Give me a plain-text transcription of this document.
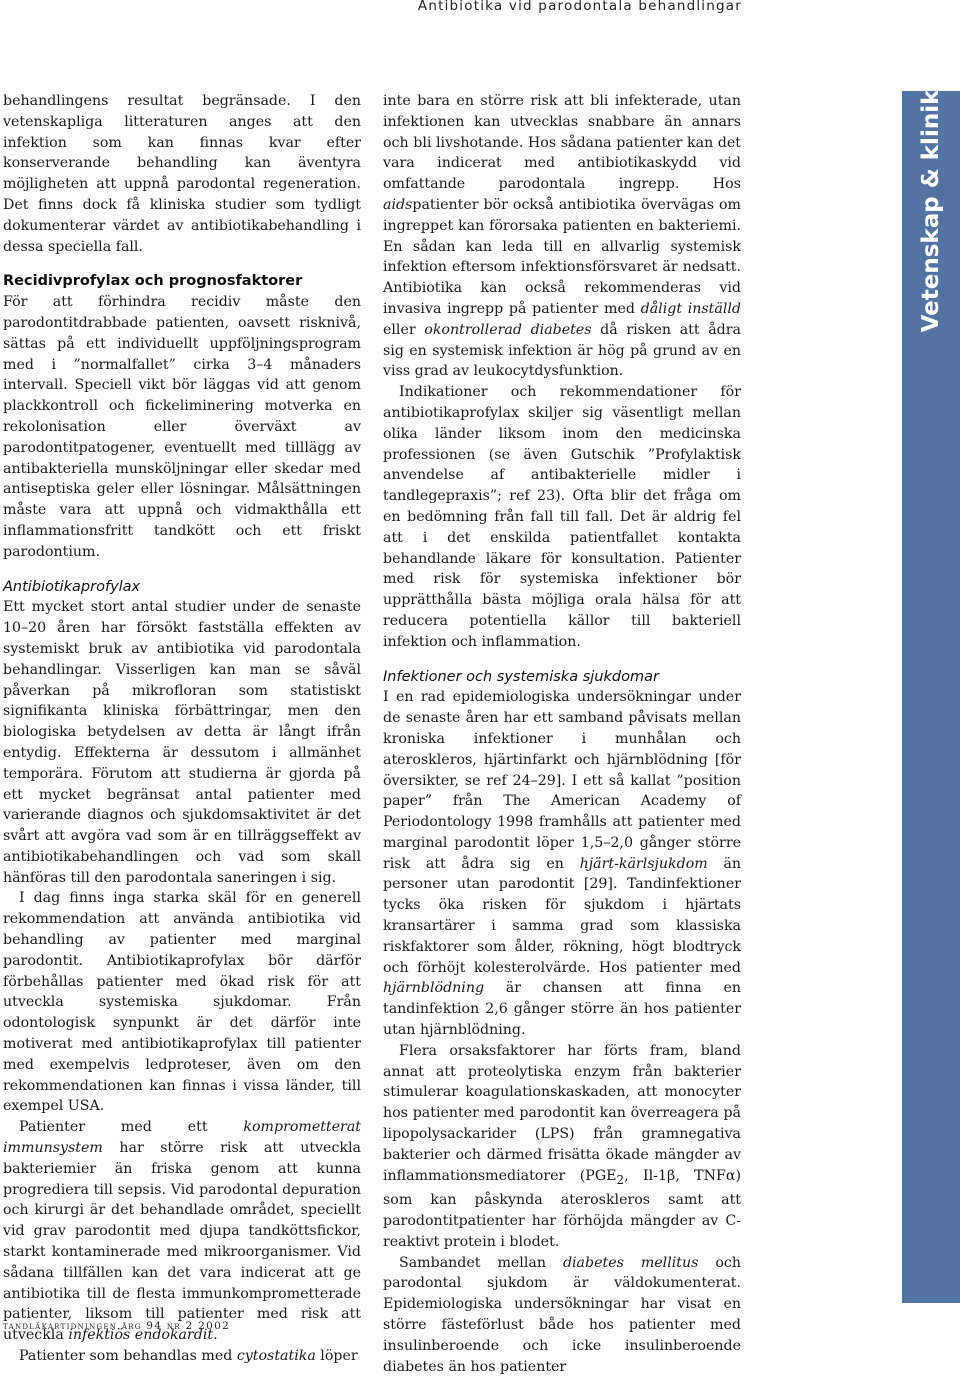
Antibiotika vid parodontala behandlingar
Vetenskap & klinik

behandlingens resultat begränsade. I den vetenskapliga litteraturen anges att den infektion som kan finnas kvar efter konserverande behandling kan äventyra möjligheten att uppnå parodontal regeneration. Det finns dock få kliniska studier som tydligt dokumenterar värdet av antibiotikabehandling i dessa speciella fall.

Recidivprofylax och prognosfaktorer

För att förhindra recidiv måste den parodontitdrabbade patienten, oavsett risknivå, sättas på ett individuellt uppföljningsprogram med i ”normalfallet” cirka 3–4 månaders intervall. Speciell vikt bör läggas vid att genom plackkontroll och fickeliminering motverka en rekolonisation eller överväxt av parodontitpatogener, eventuellt med tilllägg av antibakteriella munsköljningar eller skedar med antiseptiska geler eller lösningar. Målsättningen måste vara att uppnå och vidmakthålla ett inflammationsfritt tandkött och ett friskt parodontium.

Antibiotikaprofylax

Ett mycket stort antal studier under de senaste 10–20 åren har försökt fastställa effekten av systemiskt bruk av antibiotika vid parodontala behandlingar. Visserligen kan man se såväl påverkan på mikrofloran som statistiskt signifikanta kliniska förbättringar, men den biologiska betydelsen av detta är långt ifrån entydig. Effekterna är dessutom i allmänhet temporära. Förutom att studierna är gjorda på ett mycket begränsat antal patienter med varierande diagnos och sjukdomsaktivitet är det svårt att avgöra vad som är en tillräggseffekt av antibiotikabehandlingen och vad som skall hänföras till den parodontala saneringen i sig.

I dag finns inga starka skäl för en generell rekommendation att använda antibiotika vid behandling av patienter med marginal parodontit. Antibiotikaprofylax bör därför förbehållas patienter med ökad risk för att utveckla systemiska sjukdomar. Från odontologisk synpunkt är det därför inte motiverat med antibiotikaprofylax till patienter med exempelvis ledproteser, även om den rekommendationen kan finnas i vissa länder, till exempel USA.

Patienter med ett komprometterat immunsystem har större risk att utveckla bakteriemier än friska genom att kunna progrediera till sepsis. Vid parodontal depuration och kirurgi är det behandlade området, speciellt vid grav parodontit med djupa tandköttsfickor, starkt kontaminerade med mikroorganismer. Vid sådana tillfällen kan det vara indicerat att ge antibiotika till de flesta immunkomprometterade patienter, liksom till patienter med risk att utveckla infektiös endokardit.

Patienter som behandlas med cytostatika löper

inte bara en större risk att bli infekterade, utan infektionen kan utvecklas snabbare än annars och bli livshotande. Hos sådana patienter kan det vara indicerat med antibiotikaskydd vid omfattande parodontala ingrepp. Hos aidspatienter bör också antibiotika övervägas om ingreppet kan förorsaka patienten en bakteriemi. En sådan kan leda till en allvarlig systemisk infektion eftersom infektionsförsvaret är nedsatt. Antibiotika kan också rekommenderas vid invasiva ingrepp på patienter med dåligt inställd eller okontrollerad diabetes då risken att ådra sig en systemisk infektion är hög på grund av en viss grad av leukocytdysfunktion.

Indikationer och rekommendationer för antibiotikaprofylax skiljer sig väsentligt mellan olika länder liksom inom den medicinska professionen (se även Gutschik ”Profylaktisk anvendelse af antibakterielle midler i tandlegepraxis”; ref 23). Ofta blir det fråga om en bedömning från fall till fall. Det är aldrig fel att i det enskilda patientfallet kontakta behandlande läkare för konsultation. Patienter med risk för systemiska infektioner bör upprätthålla bästa möjliga orala hälsa för att reducera potentiella källor till bakteriell infektion och inflammation.

Infektioner och systemiska sjukdomar

I en rad epidemiologiska undersökningar under de senaste åren har ett samband påvisats mellan kroniska infektioner i munhålan och ateroskleros, hjärtinfarkt och hjärnblödning [för översikter, se ref 24–29]. I ett så kallat ”position paper” från The American Academy of Periodontology 1998 framhålls att patienter med marginal parodontit löper 1,5–2,0 gånger större risk att ådra sig en hjärt-kärlsjukdom än personer utan parodontit [29]. Tandinfektioner tycks öka risken för sjukdom i hjärtats kransartärer i samma grad som klassiska riskfaktorer som ålder, rökning, högt blodtryck och förhöjt kolesterolvärde. Hos patienter med hjärnblödning är chansen att finna en tandinfektion 2,6 gånger större än hos patienter utan hjärnblödning.

Flera orsaksfaktorer har förts fram, bland annat att proteolytiska enzym från bakterier stimulerar koagulationskaskaden, att monocyter hos patienter med parodontit kan överreagera på lipopolysackarider (LPS) från gramnegativa bakterier och därmed frisätta ökade mängder av inflammationsmediatorer ($PGE_2$, Il-1β, TNFα) som kan påskynda ateroskleros samt att parodontitpatienter har förhöjda mängder av C-reaktivt protein i blodet.

Sambandet mellan diabetes mellitus och parodontal sjukdom är väldokumenterat. Epidemiologiska undersökningar har visat en större fästeförlust både hos patienter med insulinberoende och icke insulinberoende diabetes än hos patienter

tandläkartidningen årg 94 nr 2 2002
